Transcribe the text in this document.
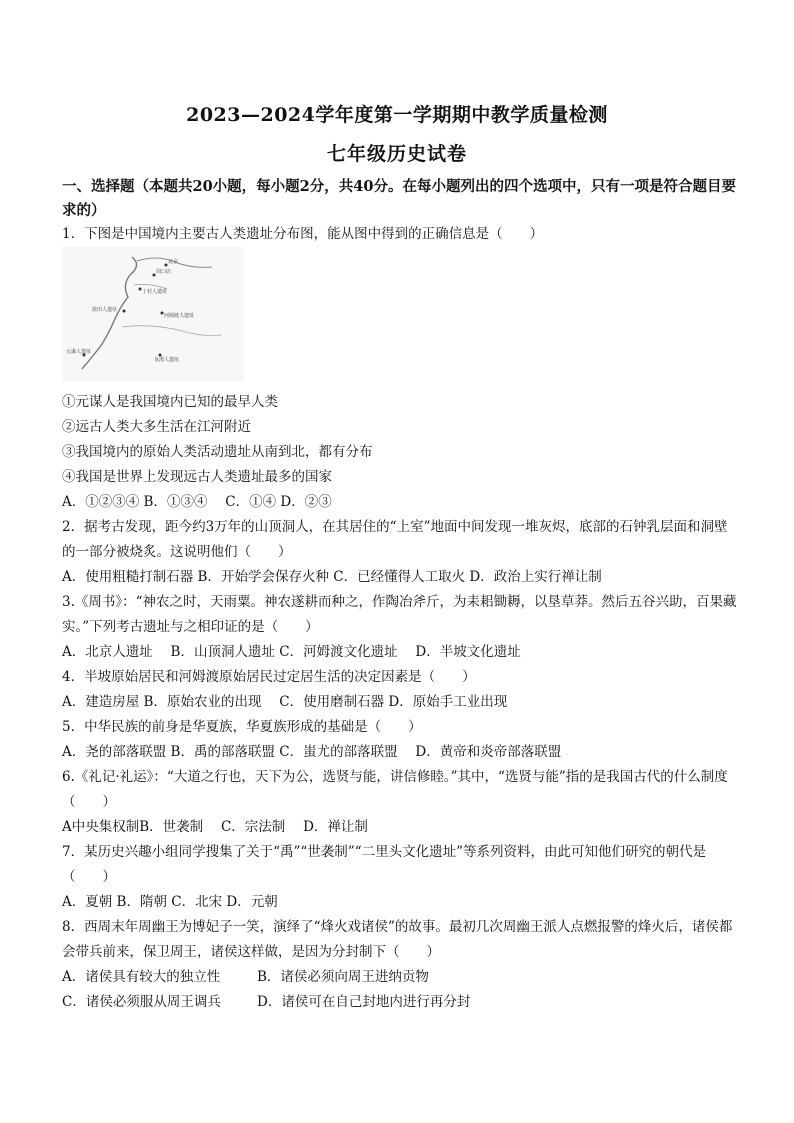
2023—2024学年度第一学期期中教学质量检测
七年级历史试卷
一、选择题（本题共20小题，每小题2分，共40分。在每小题列出的四个选项中，只有一项是符合题目要求的）
1．下图是中国境内主要古人类遗址分布图，能从图中得到的正确信息是（　　）
北京
周口店
丁村人遗址
蓝田人遗址
河姆渡人遗址
元谋人遗址
良渚人遗址
①元谋人是我国境内已知的最早人类
②远古人类大多生活在江河附近
③我国境内的原始人类活动遗址从南到北，都有分布
④我国是世界上发现远古人类遗址最多的国家
A．①②③④ B．①③④　 C．①④ D．②③
2．据考古发现，距今约3万年的山顶洞人，在其居住的“上室”地面中间发现一堆灰烬，底部的石钟乳层面和洞壁的一部分被烧炙。这说明他们（　　）
A．使用粗糙打制石器 B．开始学会保存火种 C．已经懂得人工取火 D．政治上实行禅让制
3.《周书》：“神农之时，天雨粟。神农遂耕而种之，作陶冶斧斤，为耒耜锄耨，以垦草莽。然后五谷兴助，百果藏实。”下列考古遗址与之相印证的是（　　）
A．北京人遗址　 B．山顶洞人遗址 C．河姆渡文化遗址　 D．半坡文化遗址
4．半坡原始居民和河姆渡原始居民过定居生活的决定因素是（　　）
A．建造房屋 B．原始农业的出现　 C．使用磨制石器 D．原始手工业出现
5．中华民族的前身是华夏族，华夏族形成的基础是（　　）
A．尧的部落联盟 B．禹的部落联盟 C．蚩尤的部落联盟　 D．黄帝和炎帝部落联盟
6.《礼记·礼运》：“大道之行也，天下为公，选贤与能，讲信修睦。”其中，“选贤与能”指的是我国古代的什么制度（　　）
A中央集权制B．世袭制　 C．宗法制　 D．禅让制
7．某历史兴趣小组同学搜集了关于“禹”“世袭制”“二里头文化遗址”等系列资料，由此可知他们研究的朝代是（　　）
A．夏朝 B．隋朝 C．北宋 D．元朝
8．西周末年周幽王为博妃子一笑，演绎了“烽火戏诸侯”的故事。最初几次周幽王派人点燃报警的烽火后，诸侯都会带兵前来，保卫周王，诸侯这样做，是因为分封制下（　　）
A．诸侯具有较大的独立性	B．诸侯必须向周王进纳贡物
C．诸侯必须服从周王调兵	D．诸侯可在自己封地内进行再分封
